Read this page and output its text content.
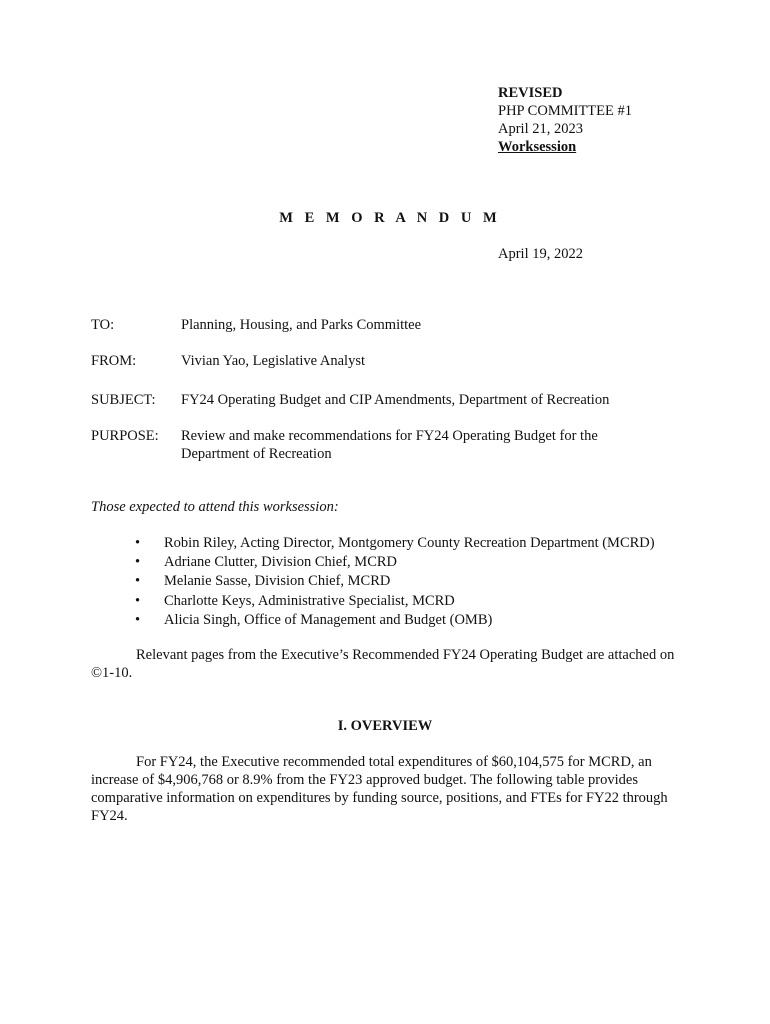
REVISED
PHP COMMITTEE #1
April 21, 2023
Worksession
M E M O R A N D U M
April 19, 2022
TO:	Planning, Housing, and Parks Committee
FROM:	Vivian Yao, Legislative Analyst
SUBJECT: FY24 Operating Budget and CIP Amendments, Department of Recreation
PURPOSE: Review and make recommendations for FY24 Operating Budget for the
Department of Recreation
Those expected to attend this worksession:
• Robin Riley, Acting Director, Montgomery County Recreation Department (MCRD)
• Adriane Clutter, Division Chief, MCRD
• Melanie Sasse, Division Chief, MCRD
• Charlotte Keys, Administrative Specialist, MCRD
• Alicia Singh, Office of Management and Budget (OMB)
Relevant pages from the Executive’s Recommended FY24 Operating Budget are attached on ©1-10.
I. OVERVIEW
For FY24, the Executive recommended total expenditures of $60,104,575 for MCRD, an increase of $4,906,768 or 8.9% from the FY23 approved budget. The following table provides comparative information on expenditures by funding source, positions, and FTEs for FY22 through FY24.
